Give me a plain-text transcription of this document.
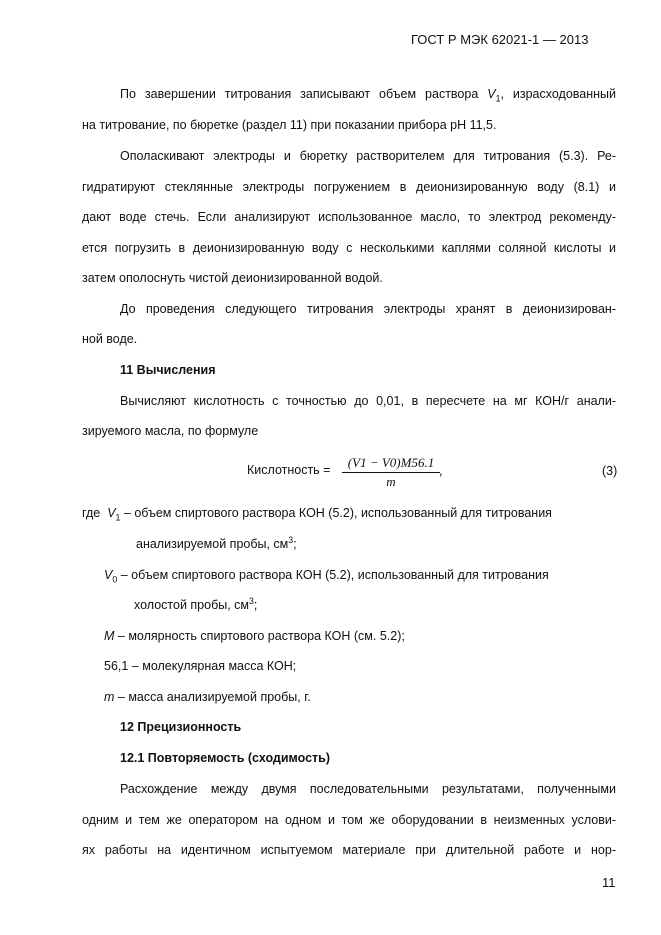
ГОСТ Р МЭК 62021-1 — 2013
По завершении титрования записывают объем раствора $V_1$, израсходованный
на титрование, по бюретке (раздел 11) при показании прибора pH 11,5.
Ополаскивают электроды и бюретку растворителем для титрования (5.3). Ре-
гидратируют стеклянные электроды погружением в деионизированную воду (8.1) и
дают воде стечь. Если анализируют использованное масло, то электрод рекоменду-
ется погрузить в деионизированную воду с несколькими каплями соляной кислоты и
затем ополоснуть чистой деионизированной водой.
До проведения следующего титрования электроды хранят в деионизирован-
ной воде.
11 Вычисления
Вычисляют кислотность с точностью до 0,01, в пересчете на мг КОН/г анали-
зируемого масла, по формуле
Кислотность =	(V1 − V0)M56.1
m
,	(3)
где $V_1$ – объем спиртового раствора КОН (5.2), использованный для титрования
анализируемой пробы, $см^3$;
$V_0$ – объем спиртового раствора КОН (5.2), использованный для титрования
холостой пробы, $см^3$;
M – молярность спиртового раствора КОН (см. 5.2);
56,1 – молекулярная масса КОН;
m – масса анализируемой пробы, г.
12 Прецизионность
12.1 Повторяемость (сходимость)
Расхождение между двумя последовательными результатами, полученными
одним и тем же оператором на одном и том же оборудовании в неизменных услови-
ях работы на идентичном испытуемом материале при длительной работе и нор-
11
